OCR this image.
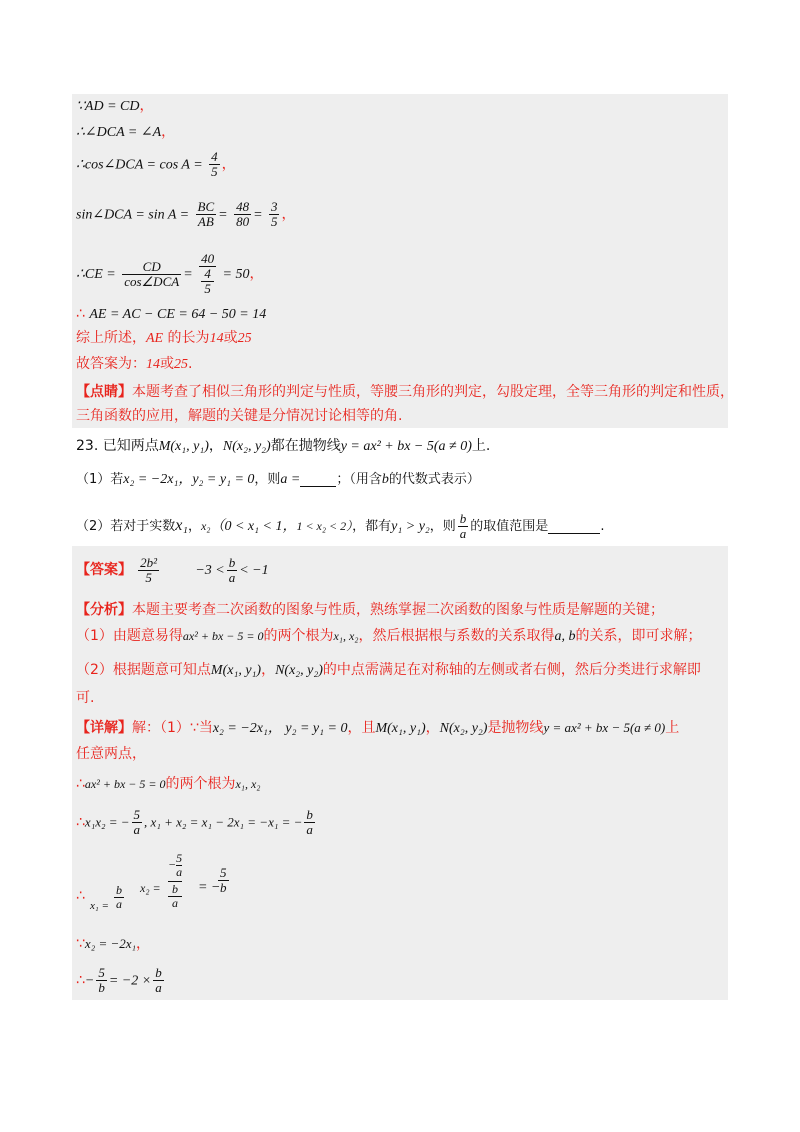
∵AD = CD，
∴∠DCA = ∠A，
∴cos∠DCA = $\cos A = \frac{4}{5}$ ，
sin∠DCA = $\sin A = \frac{BC}{AB} = \frac{48}{80} = \frac{3}{5}$ ，
∴CE = $\frac{CD}{\text{cos∠DCA}} = 40$
4
5 = 50，
∴ AE = AC − CE = 64 − 50 = 14
综上所述，AE 的长为14或25
故答案为：14或25.
【点睛】本题考查了相似三角形的判定与性质，等腰三角形的判定，勾股定理，全等三角形的判定和性质，
三角函数的应用，解题的关键是分情况讨论相等的角.
23. 已知两点M(x₁, y₁)，N(x₂, y₂)都在抛物线y = ax² + bx − 5(a ≠ 0)上.
（1）若x₂ = −2x₁，y₂ = y₁ = 0，则a =	；（用含b的代数式表示）
（2）若对于实数x₁，x₂（0 < x₁ < 1，1 < x₂ < 2），都有y₁ > y₂，则 $\frac{b}{a}$ 的取值范围是	.
【答案】 $\frac{\text{2b²}}{5}$	$-3 < \frac{b}{a} < -1$
【分析】本题主要考查二次函数的图象与性质，熟练掌握二次函数的图象与性质是解题的关键；
（1）由题意易得ax² + bx − 5 = 0的两个根为x₁, x₂，然后根据根与系数的关系取得a, b的关系，即可求解；
（2）根据题意可知点M(x₁, y₁)，N(x₂, y₂)的中点需满足在对称轴的左侧或者右侧，然后分类进行求解即
可.
【详解】解：（1）∵当x₂ = −2x₁， y₂ = y₁ = 0，且M(x₁, y₁)，N(x₂, y₂)是抛物线y = ax² + bx − 5(a ≠ 0)上
任意两点，
∴ax² + bx − 5 = 0的两个根为x₁, x₂
∴x₁x₂ = − $\frac{5}{a}$ , x₁ + x₂ = x₁ − 2x₁ = −x₁ = − $\frac{b}{a}$
∴
$x_1 = \frac{b}{a} x_2$ =
− $\frac{5}{a}$
b
a
= −
$\frac{5}{b}$
∵x₂ = −2x₁，
∴− $\frac{5}{b} = -2 \times \frac{b}{a}$
